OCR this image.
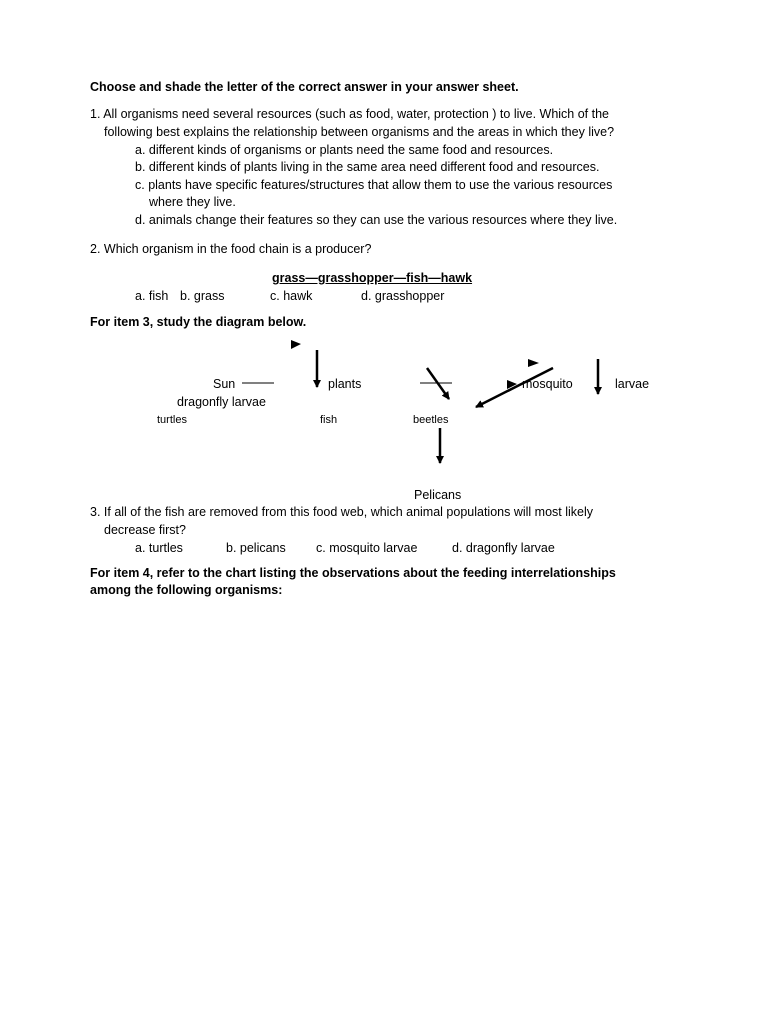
Choose and shade the letter of the correct answer in your answer sheet.
1. All organisms need several resources (such as food, water, protection ) to live. Which of the
following best explains the relationship between organisms and the areas in which they live?
a. different kinds of organisms or plants need the same food and resources.
b. different kinds of plants living in the same area need different food and resources.
c. plants have specific features/structures that allow them to use the various resources
where they live.
d. animals change their features so they can use the various resources where they live.
2. Which organism in the food chain is a producer?
grass—grasshopper—fish—hawk
a. fish b. grass	c. hawk	d. grasshopper
For item 3, study the diagram below.
Sun	plants	mosquito	larvae
dragonfly larvae
turtles	fish	beetles
Pelicans
3. If all of the fish are removed from this food web, which animal populations will most likely
decrease first?
a. turtles	b. pelicans c. mosquito larvae	d. dragonfly larvae
For item 4, refer to the chart listing the observations about the feeding interrelationships
among the following organisms:
